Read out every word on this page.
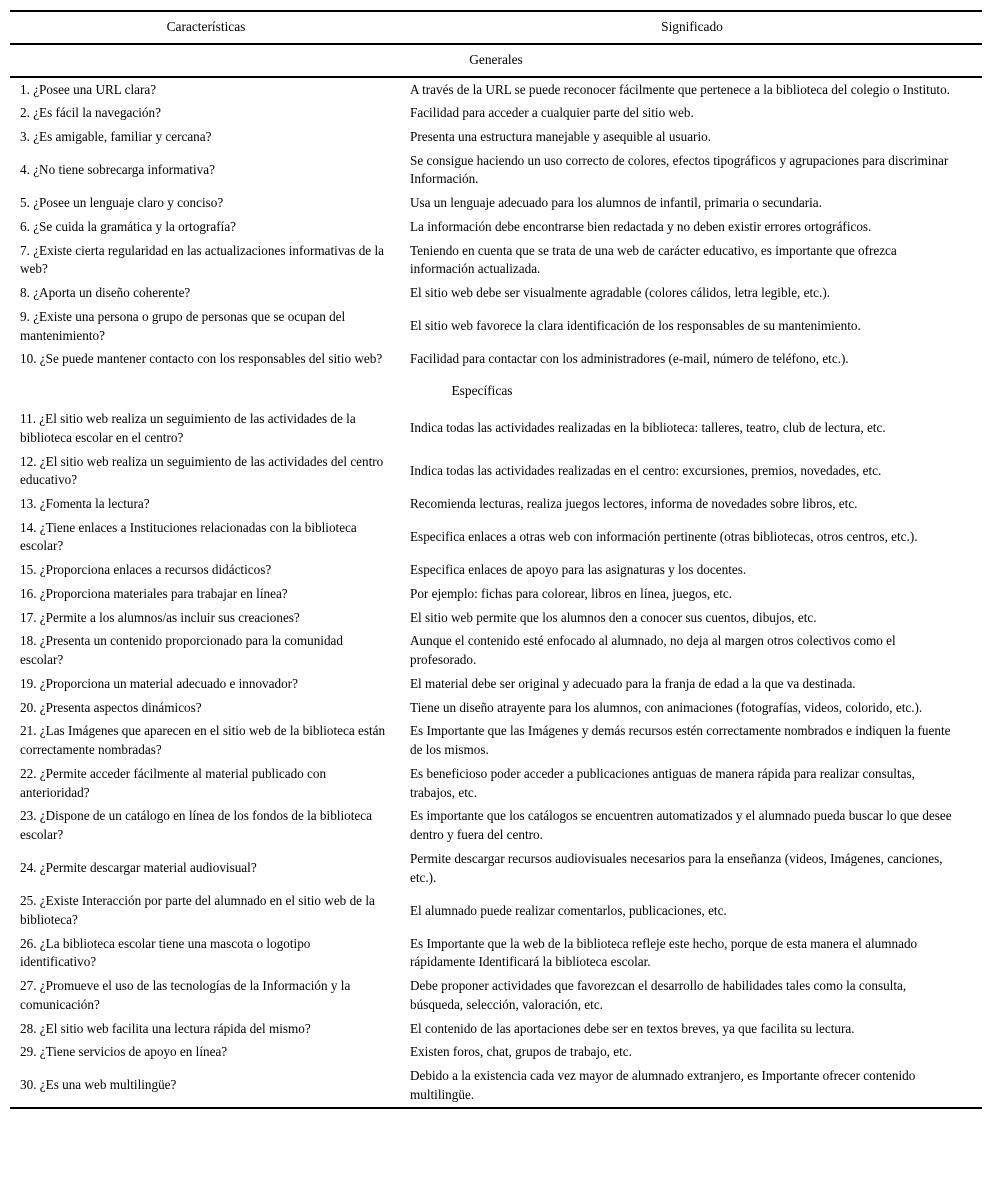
Características	Significado
Generales	
1. ¿Posee una URL clara?	A través de la URL se puede reconocer fácilmente que pertenece a la biblioteca del colegio o Instituto.
2. ¿Es fácil la navegación?	Facilidad para acceder a cualquier parte del sitio web.
3. ¿Es amigable, familiar y cercana?	Presenta una estructura manejable y asequible al usuario.
4. ¿No tiene sobrecarga informativa?	Se consigue haciendo un uso correcto de colores, efectos tipográficos y agrupaciones para discriminar Información.
5. ¿Posee un lenguaje claro y conciso?	Usa un lenguaje adecuado para los alumnos de infantil, primaria o secundaria.
6. ¿Se cuida la gramática y la ortografía?	La información debe encontrarse bien redactada y no deben existir errores ortográficos.
7. ¿Existe cierta regularidad en las actualizaciones informativas de la web?	Teniendo en cuenta que se trata de una web de carácter educativo, es importante que ofrezca información actualizada.
8. ¿Aporta un diseño coherente?	El sitio web debe ser visualmente agradable (colores cálidos, letra legible, etc.).
9. ¿Existe una persona o grupo de personas que se ocupan del mantenimiento?	El sitio web favorece la clara identificación de los responsables de su mantenimiento.
10. ¿Se puede mantener contacto con los responsables del sitio web?	Facilidad para contactar con los administradores (e-mail, número de teléfono, etc.).

	Específicas

11. ¿El sitio web realiza un seguimiento de las actividades de la biblioteca escolar en el centro?	Indica todas las actividades realizadas en la biblioteca: talleres, teatro, club de lectura, etc.
12. ¿El sitio web realiza un seguimiento de las actividades del centro educativo?	Indica todas las actividades realizadas en el centro: excursiones, premios, novedades, etc.
13. ¿Fomenta la lectura?	Recomienda lecturas, realiza juegos lectores, informa de novedades sobre libros, etc.
14. ¿Tiene enlaces a Instituciones relacionadas con la biblioteca escolar?	Especifica enlaces a otras web con información pertinente (otras bibliotecas, otros centros, etc.).
15. ¿Proporciona enlaces a recursos didácticos?	Especifica enlaces de apoyo para las asignaturas y los docentes.
16. ¿Proporciona materiales para trabajar en línea?	Por ejemplo: fichas para colorear, libros en línea, juegos, etc.
17. ¿Permite a los alumnos/as incluir sus creaciones?	El sitio web permite que los alumnos den a conocer sus cuentos, dibujos, etc.
18. ¿Presenta un contenido proporcionado para la comunidad escolar?	Aunque el contenido esté enfocado al alumnado, no deja al margen otros colectivos como el profesorado.
19. ¿Proporciona un material adecuado e innovador?	El material debe ser original y adecuado para la franja de edad a la que va destinada.
20. ¿Presenta aspectos dinámicos?	Tiene un diseño atrayente para los alumnos, con animaciones (fotografías, videos, colorido, etc.).
21. ¿Las Imágenes que aparecen en el sitio web de la biblioteca están correctamente nombradas?	Es Importante que las Imágenes y demás recursos estén correctamente nombrados e indiquen la fuente de los mismos.
22. ¿Permite acceder fácilmente al material publicado con anterioridad?	Es beneficioso poder acceder a publicaciones antiguas de manera rápida para realizar consultas, trabajos, etc.
23. ¿Dispone de un catálogo en línea de los fondos de la biblioteca escolar?	Es importante que los catálogos se encuentren automatizados y el alumnado pueda buscar lo que desee dentro y fuera del centro.
24. ¿Permite descargar material audiovisual?	Permite descargar recursos audiovisuales necesarios para la enseñanza (videos, Imágenes, canciones, etc.).
25. ¿Existe Interacción por parte del alumnado en el sitio web de la biblioteca?	El alumnado puede realizar comentarlos, publicaciones, etc.
26. ¿La biblioteca escolar tiene una mascota o logotipo identificativo?	Es Importante que la web de la biblioteca refleje este hecho, porque de esta manera el alumnado rápidamente Identificará la biblioteca escolar.
27. ¿Promueve el uso de las tecnologías de la Información y la comunicación?	Debe proponer actividades que favorezcan el desarrollo de habilidades tales como la consulta, búsqueda, selección, valoración, etc.
28. ¿El sitio web facilita una lectura rápida del mismo?	El contenido de las aportaciones debe ser en textos breves, ya que facilita su lectura.
29. ¿Tiene servicios de apoyo en línea?	Existen foros, chat, grupos de trabajo, etc.
30. ¿Es una web multilingüe?	Debido a la existencia cada vez mayor de alumnado extranjero, es Importante ofrecer contenido multilingüe.
